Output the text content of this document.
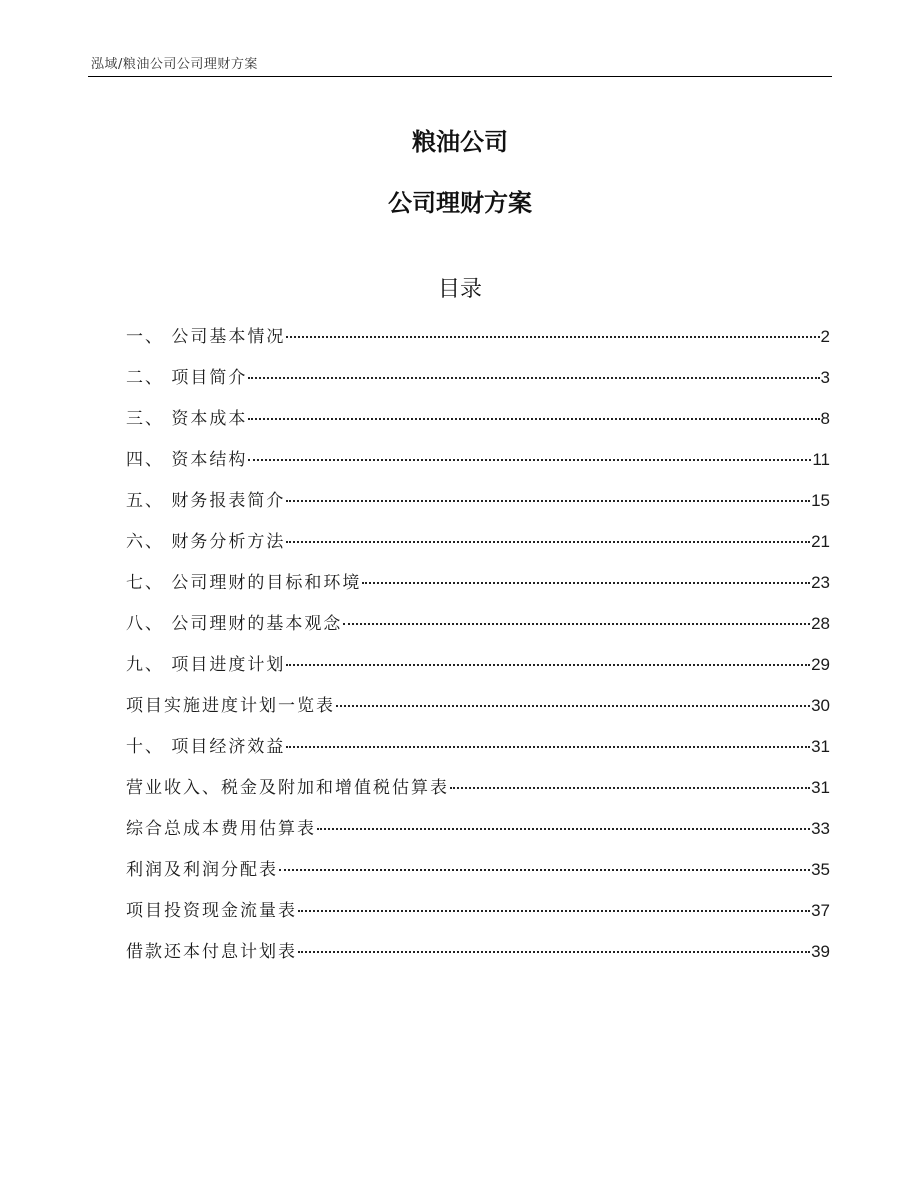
泓域/粮油公司公司理财方案
粮油公司
公司理财方案
目录
一、 公司基本情况	2
二、 项目简介	3
三、 资本成本	8
四、 资本结构	11
五、 财务报表简介	15
六、 财务分析方法	21
七、 公司理财的目标和环境	23
八、 公司理财的基本观念	28
九、 项目进度计划	29
项目实施进度计划一览表	30
十、 项目经济效益	31
营业收入、税金及附加和增值税估算表	31
综合总成本费用估算表	33
利润及利润分配表	35
项目投资现金流量表	37
借款还本付息计划表	39
